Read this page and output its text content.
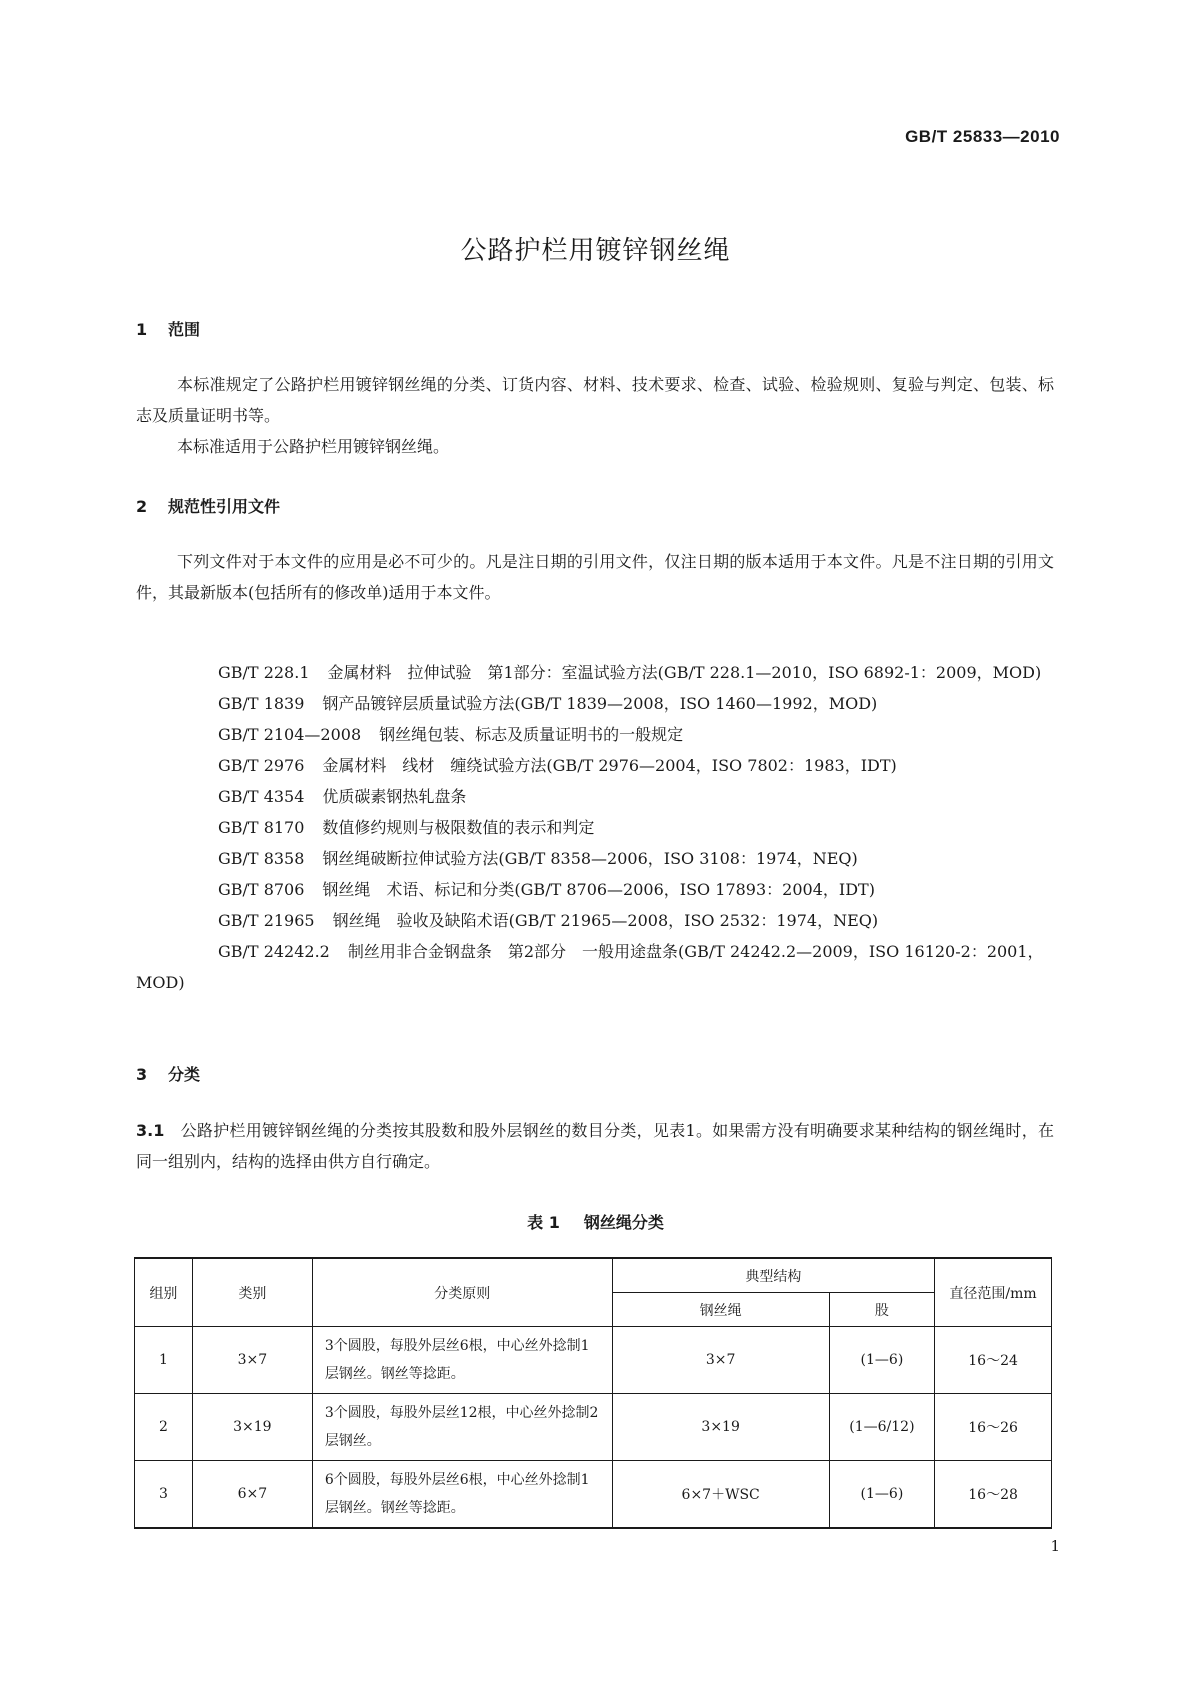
GB/T 25833—2010
公路护栏用镀锌钢丝绳
1 范围
本标准规定了公路护栏用镀锌钢丝绳的分类、订货内容、材料、技术要求、检查、试验、检验规则、复验与判定、包装、标志及质量证明书等。
本标准适用于公路护栏用镀锌钢丝绳。
2 规范性引用文件
下列文件对于本文件的应用是必不可少的。凡是注日期的引用文件，仅注日期的版本适用于本文件。凡是不注日期的引用文件，其最新版本(包括所有的修改单)适用于本文件。
GB/T 228.1 金属材料　拉伸试验　第1部分：室温试验方法(GB/T 228.1—2010，ISO 6892-1：2009，MOD)
GB/T 1839 钢产品镀锌层质量试验方法(GB/T 1839—2008，ISO 1460—1992，MOD)
GB/T 2104—2008 钢丝绳包装、标志及质量证明书的一般规定
GB/T 2976 金属材料　线材　缠绕试验方法(GB/T 2976—2004，ISO 7802：1983，IDT)
GB/T 4354 优质碳素钢热轧盘条
GB/T 8170 数值修约规则与极限数值的表示和判定
GB/T 8358 钢丝绳破断拉伸试验方法(GB/T 8358—2006，ISO 3108：1974，NEQ)
GB/T 8706 钢丝绳　术语、标记和分类(GB/T 8706—2006，ISO 17893：2004，IDT)
GB/T 21965 钢丝绳　验收及缺陷术语(GB/T 21965—2008，ISO 2532：1974，NEQ)
GB/T 24242.2 制丝用非合金钢盘条　第2部分　一般用途盘条(GB/T 24242.2—2009，ISO 16120-2：2001，MOD)
3 分类
3.1 公路护栏用镀锌钢丝绳的分类按其股数和股外层钢丝的数目分类，见表1。如果需方没有明确要求某种结构的钢丝绳时，在同一组别内，结构的选择由供方自行确定。
表 1 钢丝绳分类
组别	类别	分类原则	典型结构		直径范围/mm
			钢丝绳	股	
1	3×7	3个圆股，每股外层丝6根，中心丝外捻制1层钢丝。钢丝等捻距。	3×7	(1—6)	16～24
2	3×19	3个圆股，每股外层丝12根，中心丝外捻制2层钢丝。	3×19	(1—6/12)	16～26
3	6×7	6个圆股，每股外层丝6根，中心丝外捻制1层钢丝。钢丝等捻距。	6×7＋WSC	(1—6)	16～28
1
